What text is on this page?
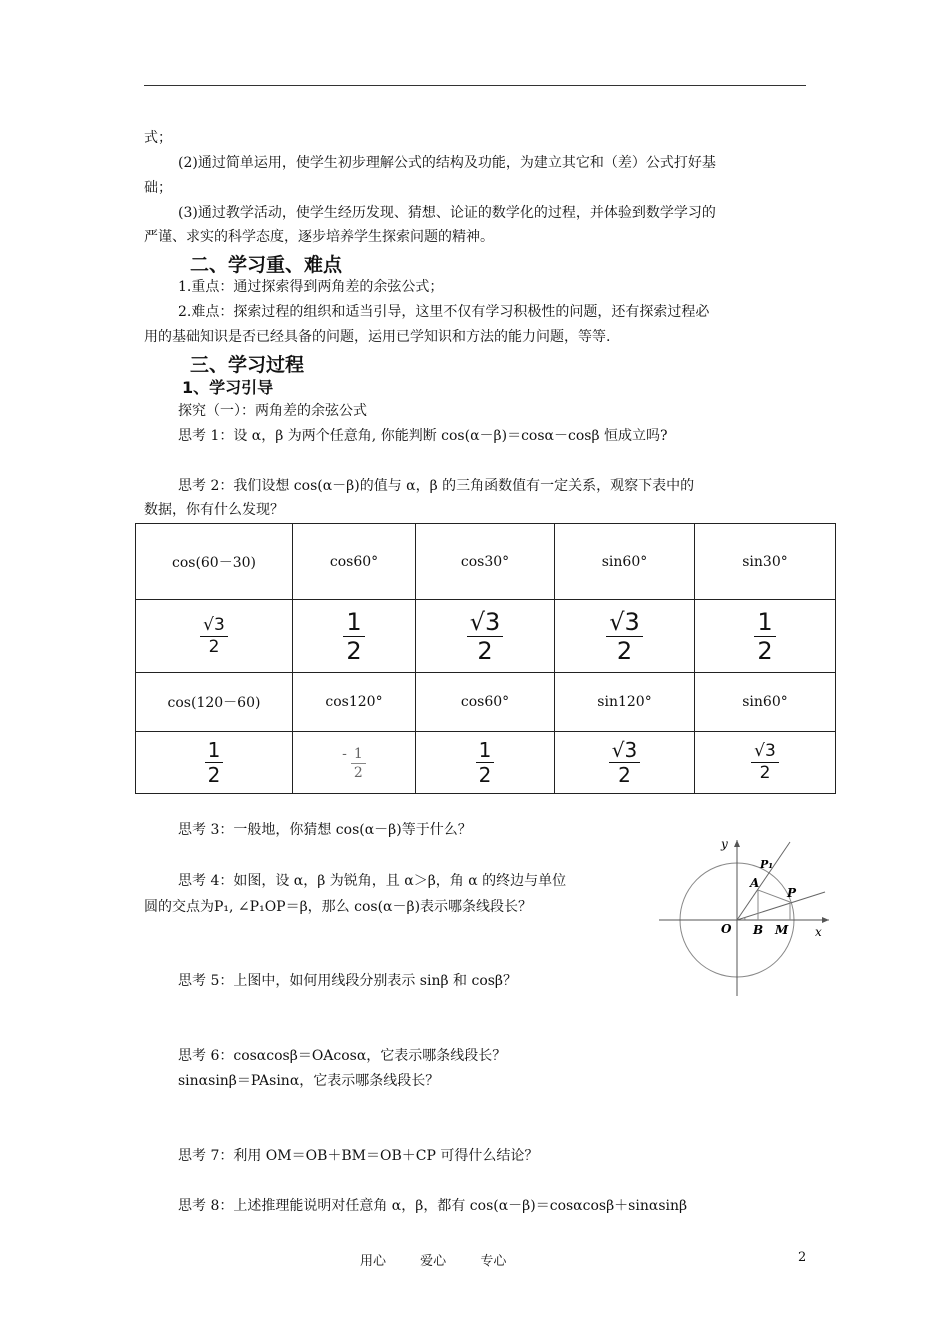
式；
(2)通过简单运用，使学生初步理解公式的结构及功能，为建立其它和（差）公式打好基
础；
(3)通过教学活动，使学生经历发现、猜想、论证的数学化的过程，并体验到数学学习的
严谨、求实的科学态度，逐步培养学生探索问题的精神。
二、学习重、难点
1.重点：通过探索得到两角差的余弦公式；
2.难点：探索过程的组织和适当引导，这里不仅有学习积极性的问题，还有探索过程必
用的基础知识是否已经具备的问题，运用已学知识和方法的能力问题，等等.
三、学习过程
1、学习引导
探究（一）：两角差的余弦公式
思考 1：设 α，β 为两个任意角, 你能判断 cos(α－β)＝cosα－cosβ 恒成立吗?
思考 2：我们设想 cos(α－β)的值与 α，β 的三角函数值有一定关系，观察下表中的
数据，你有什么发现？
cos(60－30)	cos60°	cos30°	sin60°	sin30°

$\frac{√3}{2}$	$\frac{1}{2}$	$\frac{√3}{2}$	$\frac{√3}{2}$	$\frac{1}{2}$

cos(120－60)	cos120°	cos60°	sin120°	sin60°

$\frac{1}{2}$	- $\frac{1}{2}$	$\frac{1}{2}$	$\frac{√3}{2}$	$\frac{√3}{2}$
思考 3：一般地，你猜想 cos(α－β)等于什么？
思考 4：如图，设 α，β 为锐角，且 α＞β，角 α 的终边与单位
圆的交点为P₁, ∠P₁OP＝β，那么 cos(α－β)表示哪条线段长？
y
x
O B M
A
P
P₁
思考 5：上图中，如何用线段分别表示 sinβ 和 cosβ？
思考 6：cosαcosβ＝OAcosα，它表示哪条线段长？
sinαsinβ＝PAsinα，它表示哪条线段长？
思考 7：利用 OM＝OB＋BM＝OB＋CP 可得什么结论？
思考 8：上述推理能说明对任意角 α，β，都有 cos(α－β)＝cosαcosβ＋sinαsinβ
用心	爱心	专心	2
